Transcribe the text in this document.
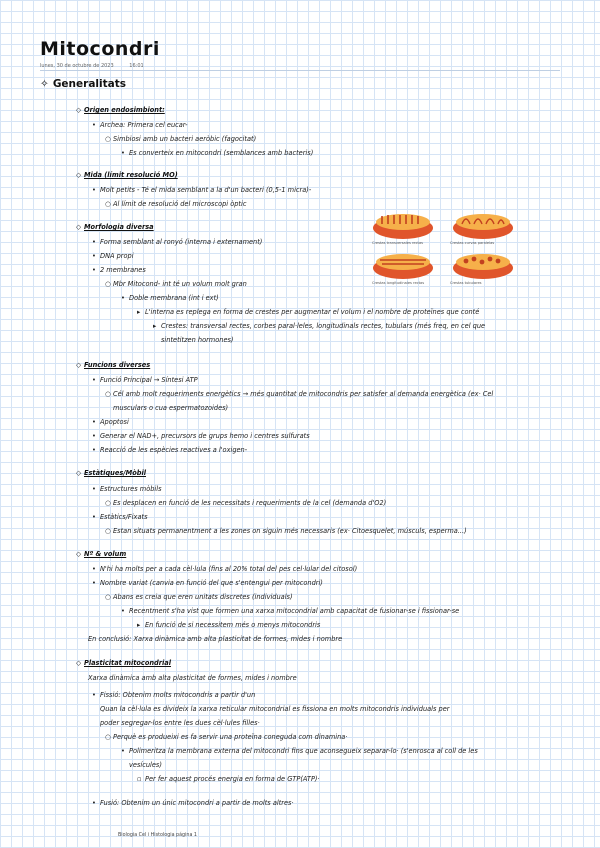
Mitocondri
lunes, 30 de octubre de 2023	16:01
✧ Generalitats
◇ Origen endosimbiont:
• Archea: Primera cel eucar-
○ Simbiosi amb un bacteri aeròbic (fagocitat)
• Es converteix en mitocondri (semblances amb bacteris)
◇ Mida (límit resolució MO)
• Molt petits - Té el mida semblant a la d'un bacteri (0,5-1 micra)-
○ Al límit de resolució del microscopi òptic
◇ Morfologia diversa
• Forma semblant al ronyó (interna i externament)
• DNA propi
• 2 membranes
○ Mbr Mitocond- int té un volum molt gran
• Doble membrana (int i ext)
▸ L'interna es replega en forma de crestes per augmentar el volum i el nombre de proteïnes que conté
▸ Crestes: transversal rectes, corbes paral·leles, longitudinals rectes, tubulars (més freq, en cel que
sintetitzen hormones)
◇ Funcions diverses
• Funció Principal → Síntesi ATP
○ Cél amb molt requeriments energètics → més quantitat de mitocondris per satisfer al demanda energètica (ex· Cel
musculars o cua espermatozoides)
• Apoptosi
• Generar el NAD+, precursors de grups hemo i centres sulfurats
• Reacció de les espècies reactives a l'oxigen-
◇ Estàtiques/Mòbil
• Estructures mòbils
○ Es desplacen en funció de les necessitats i requeriments de la cel (demanda d'O2)
• Estàtics/Fixats
○ Estan situats permanentment a les zones on siguin més necessaris (ex· Citoesquelet, músculs, esperma...)
◇ Nº & volum
• N'hi ha molts per a cada cèl·lula (fins al 20% total del pes cel·lular del citosol)
• Nombre variat (canvia en funció del que s'entengui per mitocondri)
○ Abans es creia que eren unitats discretes (individuals)
• Recentment s'ha vist que formen una xarxa mitocondrial amb capacitat de fusionar-se i fissionar-se
▸ En funció de si necessitem més o menys mitocondris
En conclusió: Xarxa dinàmica amb alta plasticitat de formes, mides i nombre
◇ Plasticitat mitocondrial
Xarxa dinàmica amb alta plasticitat de formes, mides i nombre
• Fissió: Obtenim molts mitocondris a partir d'un
Quan la cèl·lula es divideix la xarxa reticular mitocondrial es fissiona en molts mitocondris individuals per
poder segregar-los entre les dues cèl·lules filles·
○ Perquè es produeixi es fa servir una proteïna coneguda com dinamina·
• Polimeritza la membrana externa del mitocondri fins que aconsegueix separar-lo· (s'enrosca al coll de les
vesícules)
▫ Per fer aquest procés energia en forma de GTP(ATP)·
• Fusió: Obtenim un únic mitocondri a partir de molts altres·
Crestas transversales rectas	Crestas curvas paralelas
Crestas longitudinales rectas	Crestas tubulares
Biologia Cel i Histologia página 1
